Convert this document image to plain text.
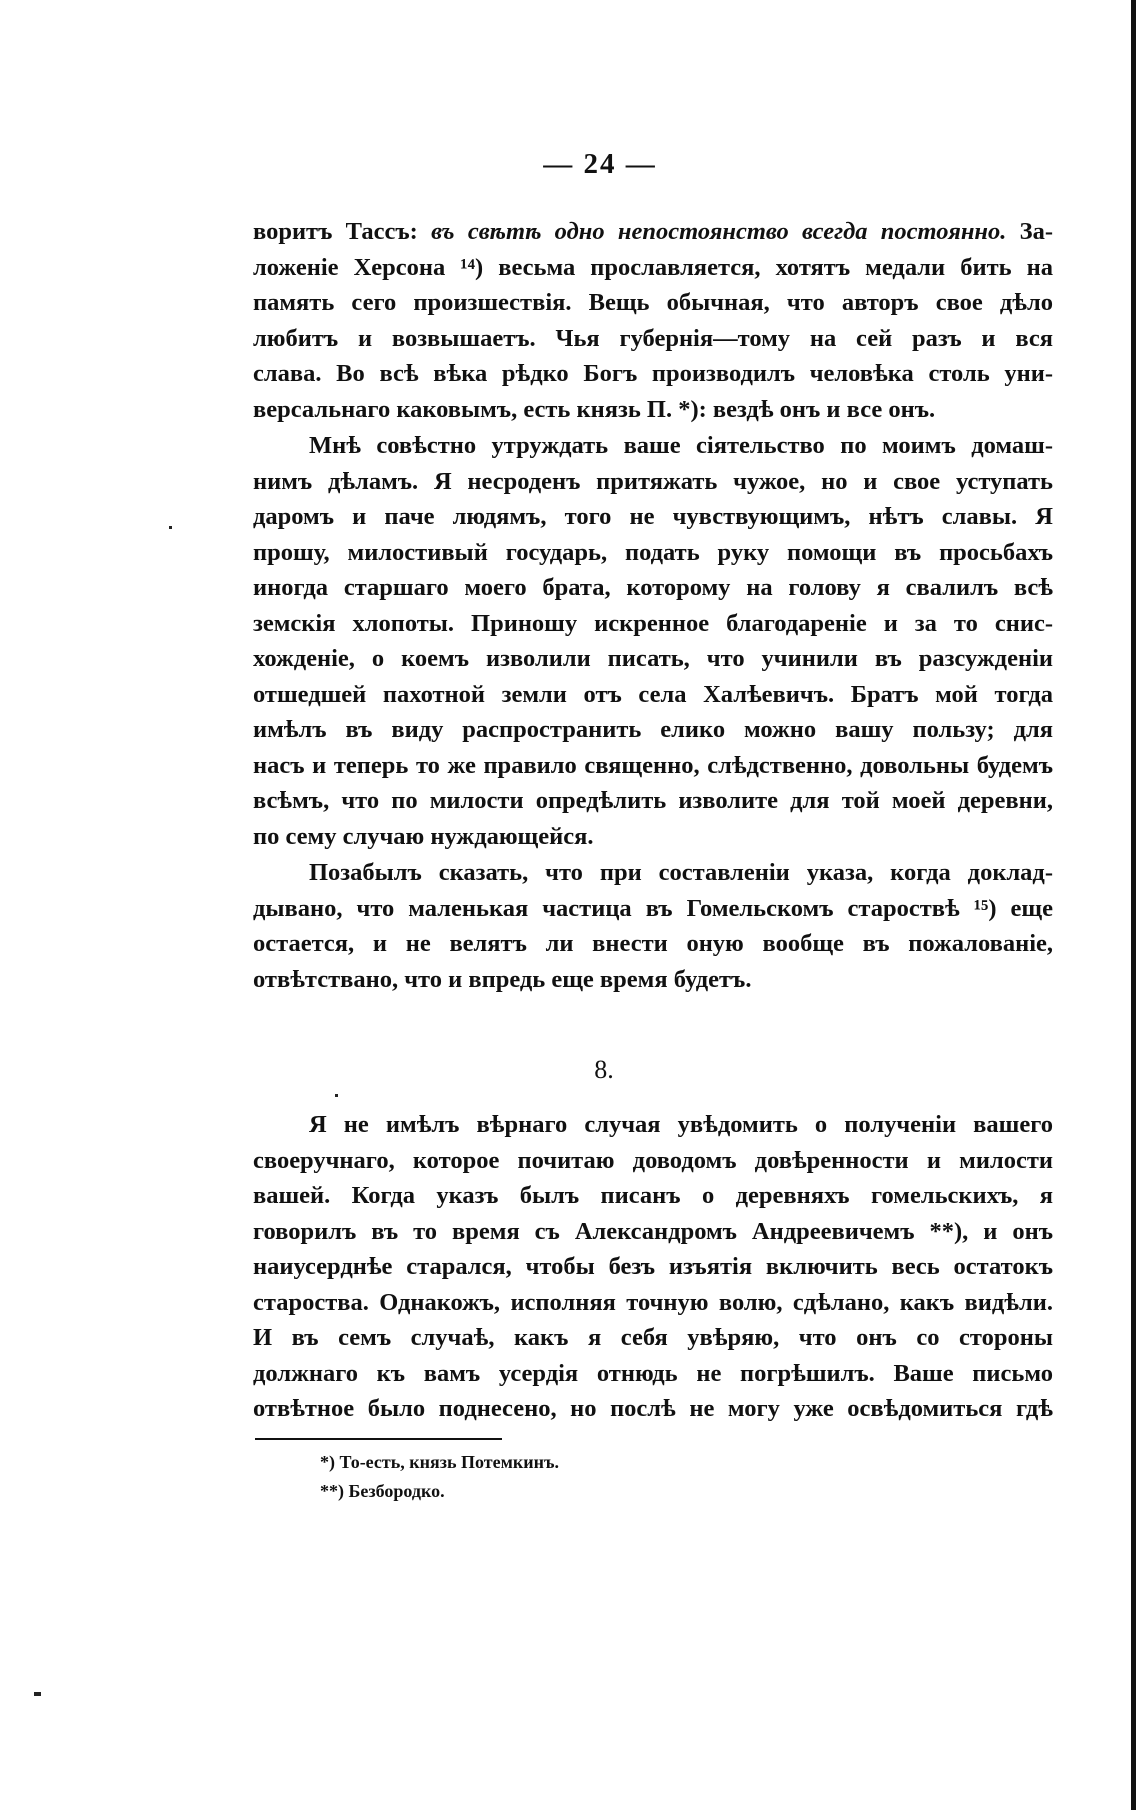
— 24 —
воритъ Тассъ: въ свѣтѣ одно непостоянство всегда постоянно. За-
ложеніе Херсона ¹⁴) весьма прославляется, хотятъ медали бить на
память сего произшествія. Вещь обычная, что авторъ свое дѣло
любитъ и возвышаетъ. Чья губернія—тому на сей разъ и вся
слава. Во всѣ вѣка рѣдко Богъ производилъ человѣка столь уни-
версальнаго каковымъ, есть князь П. *): вездѣ онъ и все онъ.
Мнѣ совѣстно утруждать ваше сіятельство по моимъ домаш-
нимъ дѣламъ. Я несроденъ притяжать чужое, но и свое уступать
даромъ и паче людямъ, того не чувствующимъ, нѣтъ славы. Я
прошу, милостивый государь, подать руку помощи въ просьбахъ
иногда старшаго моего брата, которому на голову я свалилъ всѣ
земскія хлопоты. Приношу искренное благодареніе и за то снис-
хожденіе, о коемъ изволили писать, что учинили въ разсужденіи
отшедшей пахотной земли отъ села Халѣевичъ. Братъ мой тогда
имѣлъ въ виду распространить елико можно вашу пользу; для
насъ и теперь то же правило священно, слѣдственно, довольны будемъ
всѣмъ, что по милости опредѣлить изволите для той моей деревни,
по сему случаю нуждающейся.
Позабылъ сказать, что при составленіи указа, когда доклад-
дывано, что маленькая частица въ Гомельскомъ староствѣ ¹⁵) еще
остается, и не велятъ ли внести оную вообще въ пожалованіе,
отвѣтствано, что и впредь еще время будетъ.
8.
Я не имѣлъ вѣрнаго случая увѣдомить о полученіи вашего
своеручнаго, которое почитаю доводомъ довѣренности и милости
вашей. Когда указъ былъ писанъ о деревняхъ гомельскихъ, я
говорилъ въ то время съ Александромъ Андреевичемъ **), и онъ
наиусерднѣе старался, чтобы безъ изъятія включить весь остатокъ
староства. Однакожъ, исполняя точную волю, сдѣлано, какъ видѣли.
И въ семъ случаѣ, какъ я себя увѣряю, что онъ со стороны
должнаго къ вамъ усердія отнюдь не погрѣшилъ. Ваше письмо
отвѣтное было поднесено, но послѣ не могу уже освѣдомиться гдѣ
*) То-есть, князь Потемкинъ.
**) Безбородко.
